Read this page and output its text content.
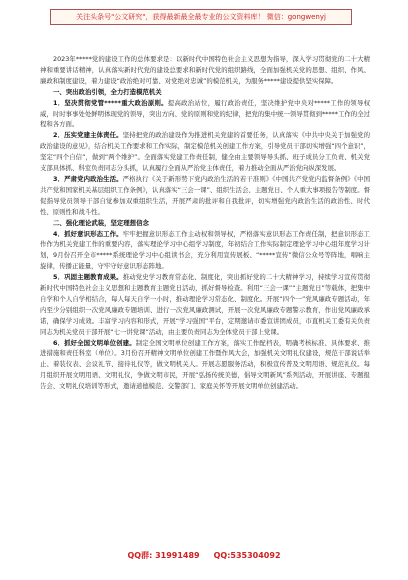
关注头条号"公文研究"，获得最新最全最专业的公文资料库！ 微信：gongwenyj

2023年*****党的建设工作的总体要求是：以新时代中国特色社会主义思想为指导，深入学习贯彻党的二十大精神和重要讲话精神，认真落实新时代党的建设总要求和新时代党的组织路线，全面加强机关党的思想、组织、作风、廉政和制度建设，着力建设“政治绝对可靠、对党绝对忠诚”的模范机关，为服务*****建设提供坚实保障。

一、突出政治引领，全力打造模范机关

1．坚决贯彻党管*****重大政治原则。提高政治站位，履行政治责任，坚决维护党中央对*****工作的领导权威，时时事事处处鲜明体现党的领导，突出方向、党的原则和党的纪律，把党的集中统一领导贯彻到*****工作的全过程和各方面。

2．压实党建主体责任。坚持把党的政治建设作为推进机关党建的首要任务，认真落实《中共中央关于加强党的政治建设的意见》，结合机关工作要求和工作实际，制定模范机关创建工作方案，引导党员干部切实增强“四个意识”，坚定“四个自信”，做到“两个维护”。全面落实党建工作责任制，健全由主要领导导头抓、班子成员分工负责、机关党支部具体抓、科室负责同志分头抓，认真履行全面从严治党主体责任，着力推动全面从严治党向纵深发展。

3．严肃党内政治生活。严格执行《关于新形势下党内政治生活的若干准则》《中国共产党党内监督条例》《中国共产党和国家机关基层组织工作条例》，认真落实“三会一课”、组织生活会、主题党日、个人重大事项报告等制度。督促指导党员领导干部自觉参加双重组织生活，开展严肃的批评和自我批评，切实增强党内政治生活的政治性、时代性、原则性和战斗性。

二、强化理论武装，坚定理想信念

4．抓好意识形态工作。牢牢把握意识形态工作主动权和领导权，严格落实意识形态工作责任制，把意识形态工作作为机关党建工作的重要内容，落实理论学习中心组学习制度，年初结合工作实际制定理论学习中心组年度学习计划，9月份召开全市*****系统理论学习中心组读书会，充分利用宣传展板、“*****宣传”微信公众号等阵地，唱响主旋律，传播正能量，守牢守好意识形态阵地。

5．巩固主题教育成果。推动党史学习教育常态化、制度化，突出抓好党的二十大精神学习，持续学习宣传贯彻新时代中国特色社会主义思想和主题教育主题党日活动，抓好督导检查。利用“三会一课”“主题党日”等载体，把集中自学和个人自学相结合，每人每天自学一小时，推动理论学习常态化、制度化。开展“四个一”党风廉政专题活动，年内至少分别组织一次党风廉政专题培训、进行一次党风廉政测试，开展一次党风廉政专题警示教育，作出党风廉政承诺，确保学习成效。丰富学习内容和形式，开展“学习强国”平台，定期邀请市委宣讲团成员，市直机关工委有关负责同志为机关党员干部开展“七一讲党课”活动，由主要负责同志为全体党员干部上党课。

6．抓好全国文明单位创建。制定全国文明单位创建工作方案，落实工作配档表，明确考核标准、具体要求、推进措施和责任科室（单位）。3月份召开精神文明单位创建工作暨作风大会，加强机关文明礼仪建设，规范干部说话举止、着装仪表、会议礼节、接待礼仪等，做文明机关人。开展志愿服务活动，积极宣传普及文明用语、规范礼仪。每月组织开展文明用语、文明礼仪，争做文明市民，开展“弘扬传统美德，倡导文明新风”系列活动，开展讲座、专题报告会、文明礼仪培训等形式，邀请道德模范、交警部门、家庭关怀等开展文明单位创建活动。

QQ群: 31991489 QQ:535304092
